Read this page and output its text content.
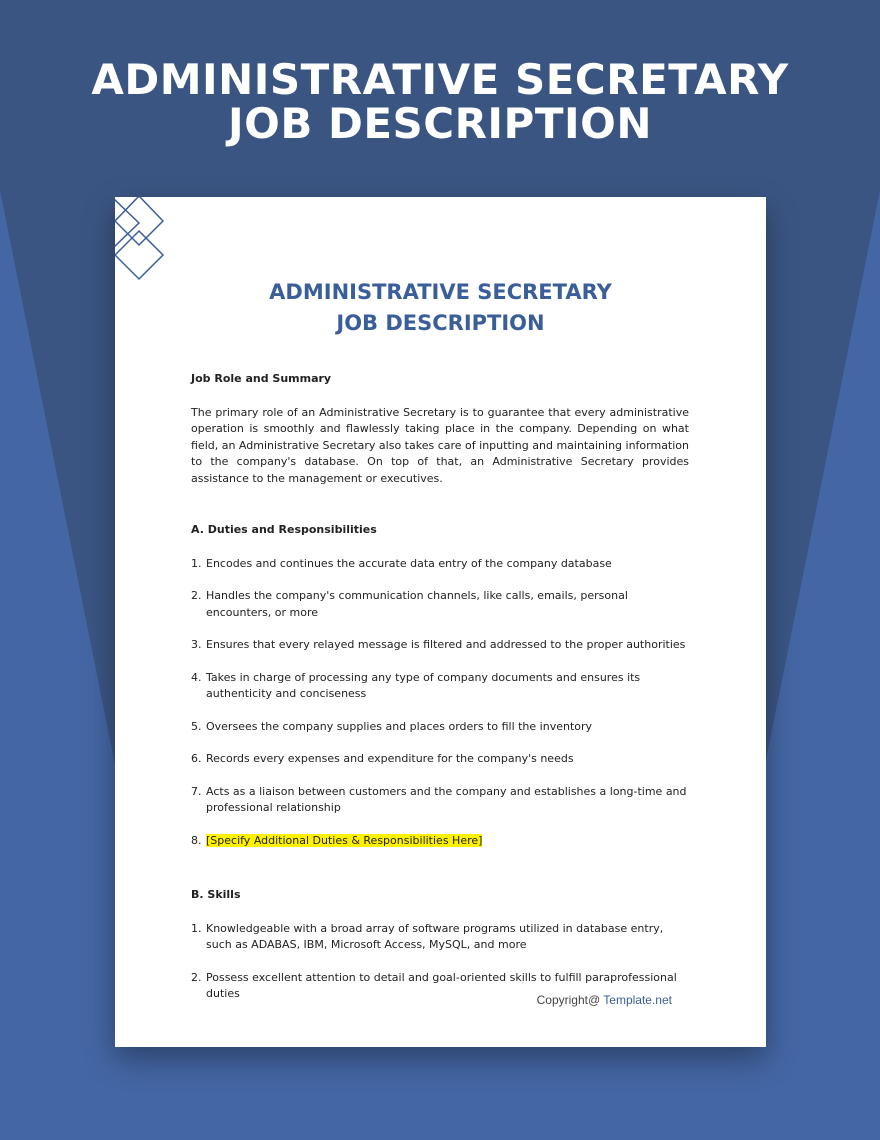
ADMINISTRATIVE SECRETARY
JOB DESCRIPTION
ADMINISTRATIVE SECRETARY
JOB DESCRIPTION

Job Role and Summary

The primary role of an Administrative Secretary is to guarantee that every administrative operation is smoothly and flawlessly taking place in the company. Depending on what field, an Administrative Secretary also takes care of inputting and maintaining information to the company's database. On top of that, an Administrative Secretary provides assistance to the management or executives.

A. Duties and Responsibilities

1. Encodes and continues the accurate data entry of the company database
2. Handles the company's communication channels, like calls, emails, personal encounters, or more
3. Ensures that every relayed message is filtered and addressed to the proper authorities
4. Takes in charge of processing any type of company documents and ensures its authenticity and conciseness
5. Oversees the company supplies and places orders to fill the inventory
6. Records every expenses and expenditure for the company's needs
7. Acts as a liaison between customers and the company and establishes a long-time and professional relationship
8. [Specify Additional Duties & Responsibilities Here]

B. Skills

1. Knowledgeable with a broad array of software programs utilized in database entry, such as ADABAS, IBM, Microsoft Access, MySQL, and more
2. Possess excellent attention to detail and goal-oriented skills to fulfill paraprofessional duties	Copyright@ Template.net
